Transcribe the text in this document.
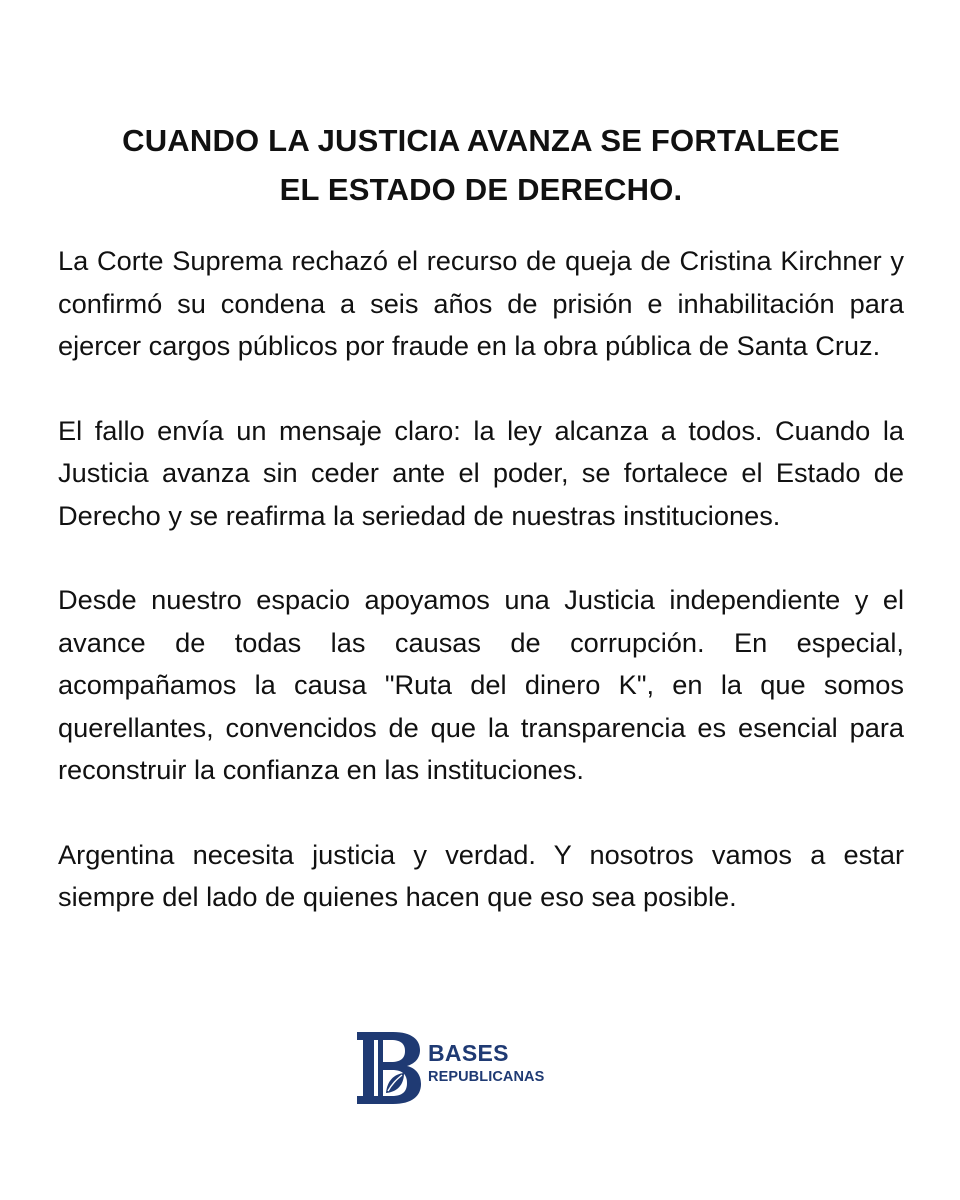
CUANDO LA JUSTICIA AVANZA SE FORTALECE
EL ESTADO DE DERECHO.

La Corte Suprema rechazó el recurso de queja de Cristina Kirchner y confirmó su condena a seis años de prisión e inhabilitación para ejercer cargos públicos por fraude en la obra pública de Santa Cruz.

El fallo envía un mensaje claro: la ley alcanza a todos. Cuando la Justicia avanza sin ceder ante el poder, se fortalece el Estado de Derecho y se reafirma la seriedad de nuestras instituciones.

Desde nuestro espacio apoyamos una Justicia independiente y el avance de todas las causas de corrupción. En especial, acompañamos la causa "Ruta del dinero K", en la que somos querellantes, convencidos de que la transparencia es esencial para reconstruir la confianza en las instituciones.

Argentina necesita justicia y verdad. Y nosotros vamos a estar siempre del lado de quienes hacen que eso sea posible.

BASES
REPUBLICANAS
